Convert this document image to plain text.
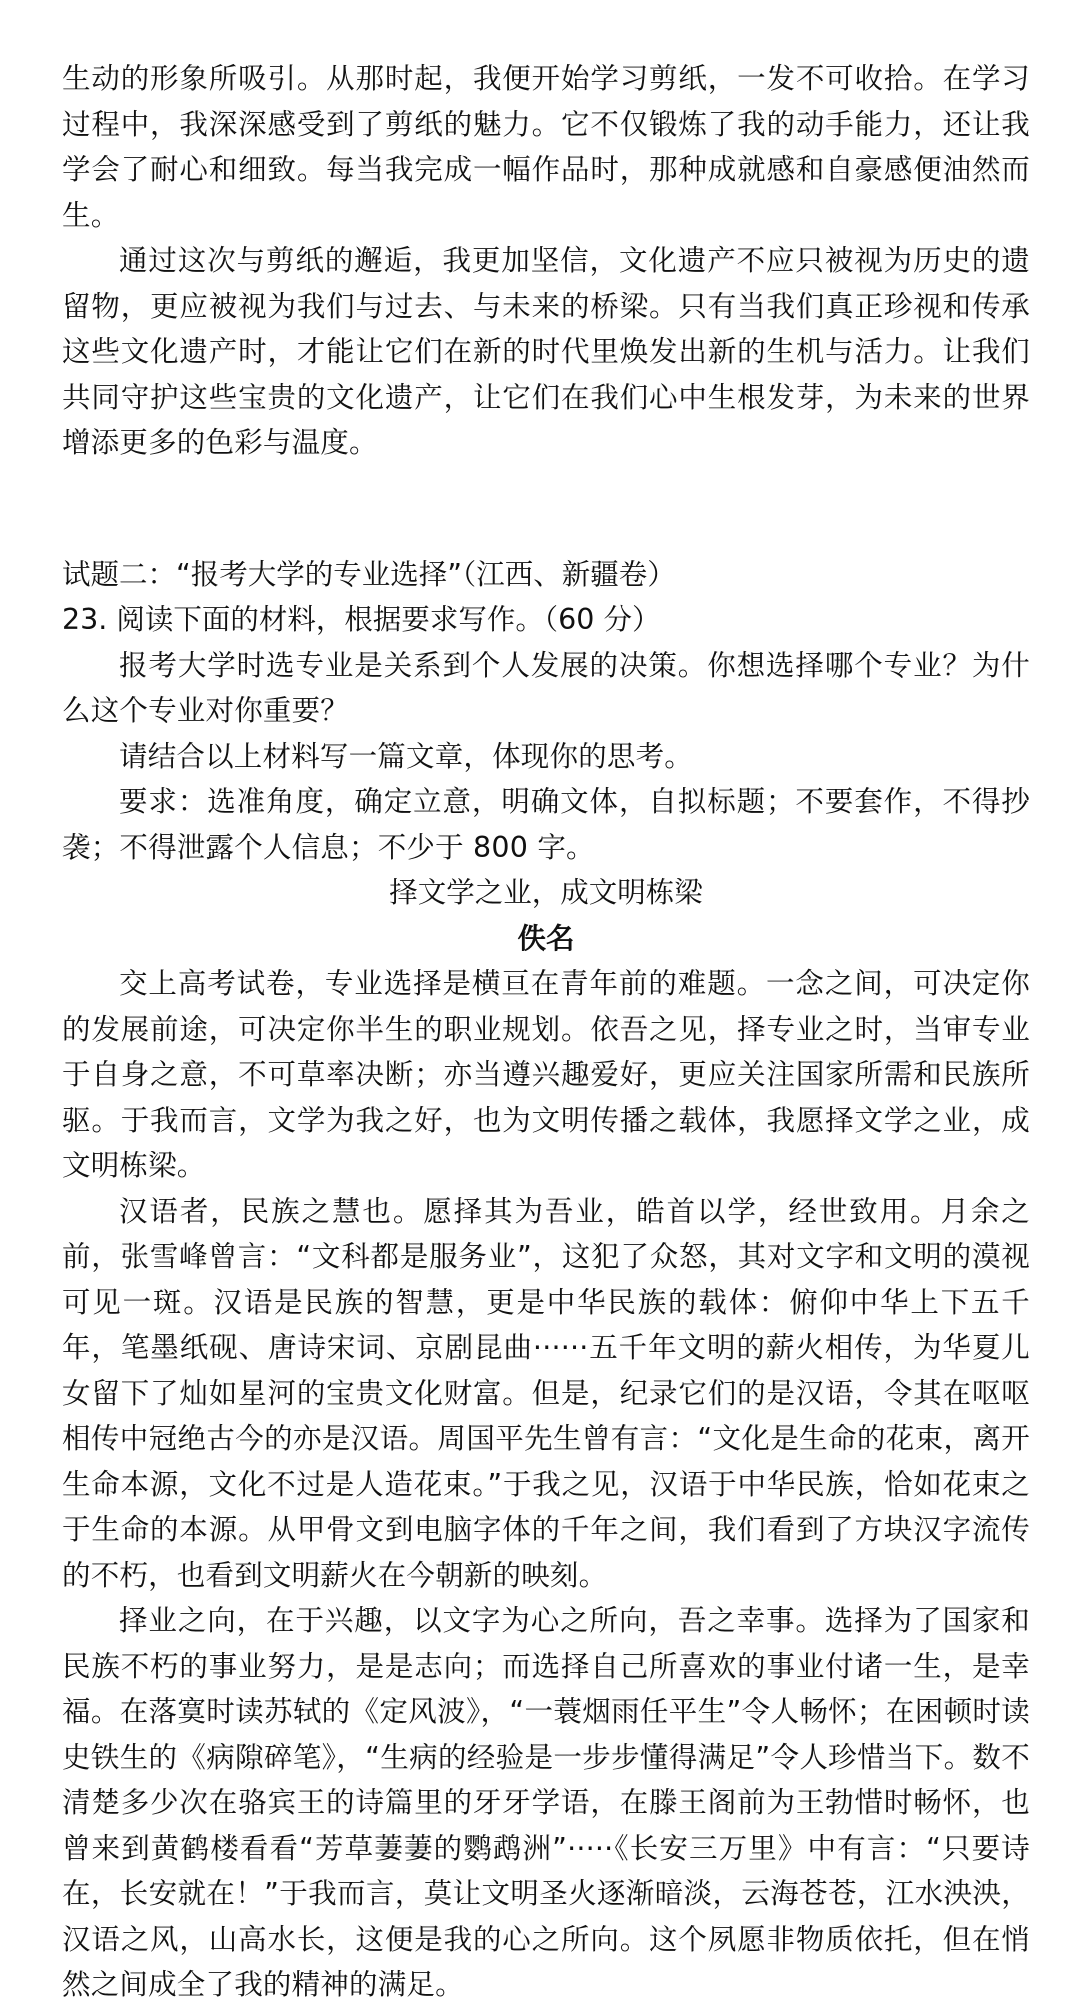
生动的形象所吸引。从那时起，我便开始学习剪纸，一发不可收拾。在学习过程中，我深深感受到了剪纸的魅力。它不仅锻炼了我的动手能力，还让我学会了耐心和细致。每当我完成一幅作品时，那种成就感和自豪感便油然而生。

通过这次与剪纸的邂逅，我更加坚信，文化遗产不应只被视为历史的遗留物，更应被视为我们与过去、与未来的桥梁。只有当我们真正珍视和传承这些文化遗产时，才能让它们在新的时代里焕发出新的生机与活力。让我们共同守护这些宝贵的文化遗产，让它们在我们心中生根发芽，为未来的世界增添更多的色彩与温度。

试题二：“报考大学的专业选择”（江西、新疆卷）

23. 阅读下面的材料，根据要求写作。（60 分）

报考大学时选专业是关系到个人发展的决策。你想选择哪个专业？为什么这个专业对你重要？

请结合以上材料写一篇文章，体现你的思考。

要求：选准角度，确定立意，明确文体，自拟标题；不要套作，不得抄袭；不得泄露个人信息；不少于 800 字。

择文学之业，成文明栋梁

佚名

交上高考试卷，专业选择是横亘在青年前的难题。一念之间，可决定你的发展前途，可决定你半生的职业规划。依吾之见，择专业之时，当审专业于自身之意，不可草率决断；亦当遵兴趣爱好，更应关注国家所需和民族所驱。于我而言，文学为我之好，也为文明传播之载体，我愿择文学之业，成文明栋梁。

汉语者，民族之慧也。愿择其为吾业，皓首以学，经世致用。月余之前，张雪峰曾言：“文科都是服务业”，这犯了众怒，其对文字和文明的漠视可见一斑。汉语是民族的智慧，更是中华民族的载体：俯仰中华上下五千年，笔墨纸砚、唐诗宋词、京剧昆曲······五千年文明的薪火相传，为华夏儿女留下了灿如星河的宝贵文化财富。但是，纪录它们的是汉语，令其在呕呕相传中冠绝古今的亦是汉语。周国平先生曾有言：“文化是生命的花束，离开生命本源，文化不过是人造花束。”于我之见，汉语于中华民族，恰如花束之于生命的本源。从甲骨文到电脑字体的千年之间，我们看到了方块汉字流传的不朽，也看到文明薪火在今朝新的映刻。

择业之向，在于兴趣，以文字为心之所向，吾之幸事。选择为了国家和民族不朽的事业努力，是是志向；而选择自己所喜欢的事业付诸一生，是幸福。在落寞时读苏轼的《定风波》，“一蓑烟雨任平生”令人畅怀；在困顿时读史铁生的《病隙碎笔》，“生病的经验是一步步懂得满足”令人珍惜当下。数不清楚多少次在骆宾王的诗篇里的牙牙学语，在滕王阁前为王勃惜时畅怀，也曾来到黄鹤楼看看“芳草萋萋的鹦鹉洲”·····《长安三万里》中有言：“只要诗在，长安就在！”于我而言，莫让文明圣火逐渐暗淡，云海苍苍，江水泱泱，汉语之风，山高水长，这便是我的心之所向。这个夙愿非物质依托，但在悄然之间成全了我的精神的满足。
